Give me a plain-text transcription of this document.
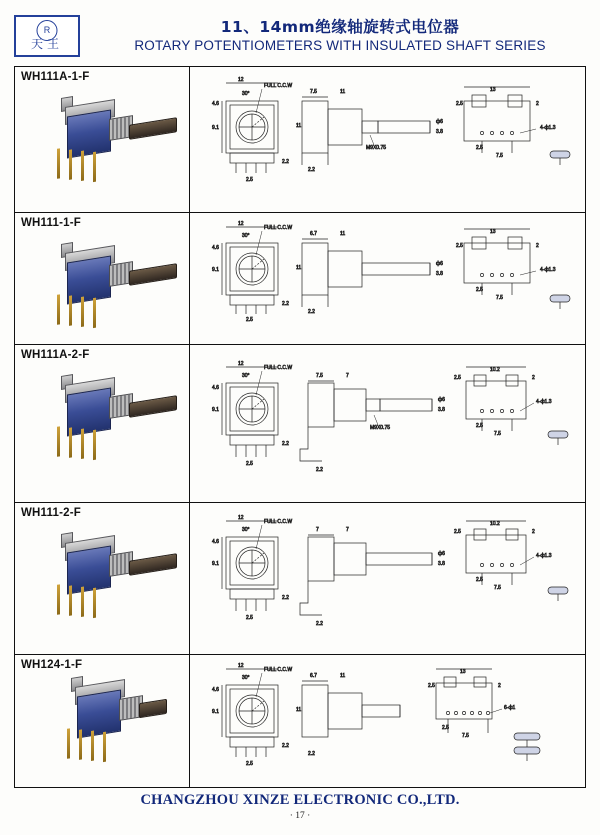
R
天王
11、14mm绝缘轴旋转式电位器
ROTARY POTENTIOMETERS WITH INSULATED SHAFT SERIES
WH111A-1-F
30°
FULL C.C.W
12
4.6
9.1
2.5
2.2
7.5	11
11
M9X0.75
ф6
3.8
2.2
13
2.5	2
2.5
7.5
4-ф1.3
WH111-1-F
30°
FULL C.C.W
12
4.6
9.1
2.5
2.2
6.7	11
11
ф6
3.8
2.2
13
2.5	2
2.5
7.5
4-ф1.3
WH111A-2-F
30°
FULL C.C.W
12
4.6
9.1
2.5
2.2
7.5	7
M9X0.75
ф6
3.8
2.2
2.5
10.2
2
2.5
7.5
4-ф1.3
WH111-2-F
30°
FULL C.C.W
12
4.6
9.1
2.5
2.2
7	7
ф6
3.8
2.2
2.5
10.2
2
2.5
7.5
4-ф1.3
WH124-1-F
30°
FULL C.C.W
12
4.6
9.1
2.5
2.2
6.7	11
11
2.2
13
2.5	2
2.5
7.5
6-ф1
CHANGZHOU XINZE ELECTRONIC CO.,LTD.
· 17 ·
